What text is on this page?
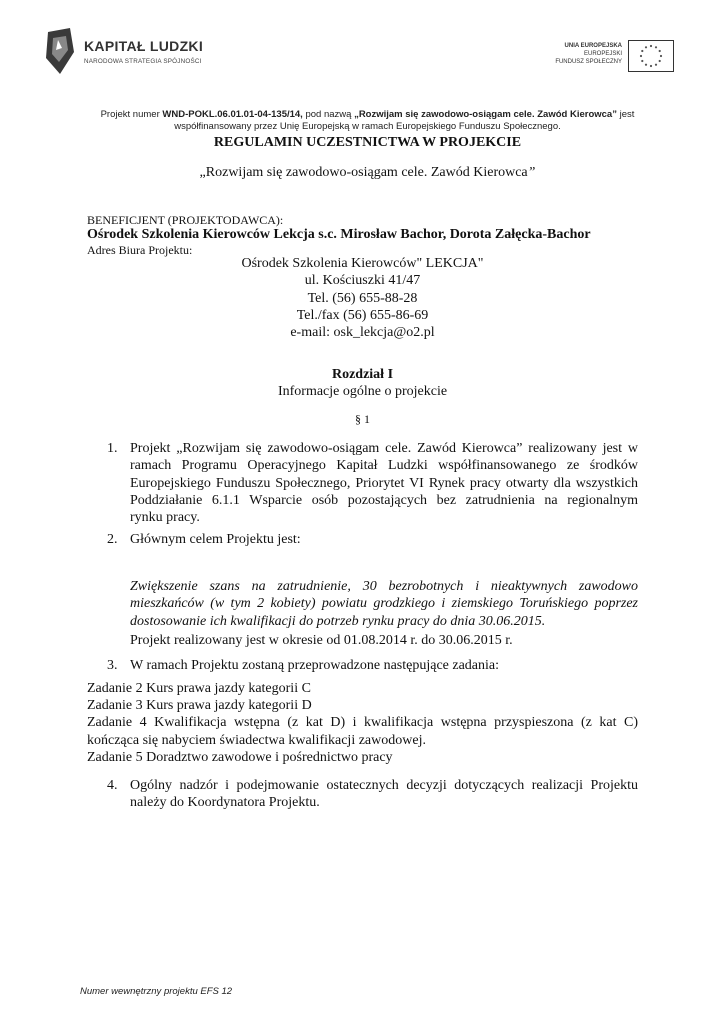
KAPITAŁ LUDZKI
NARODOWA STRATEGIA SPÓJNOŚCI
UNIA EUROPEJSKA
EUROPEJSKI
FUNDUSZ SPOŁECZNY
Projekt numer WND-POKL.06.01.01-04-135/14, pod nazwą „Rozwijam się zawodowo-osiągam cele. Zawód Kierowca” jest
współfinansowany przez Unię Europejską w ramach Europejskiego Funduszu Społecznego.
REGULAMIN UCZESTNICTWA W PROJEKCIE
„Rozwijam się zawodowo-osiągam cele. Zawód Kierowca”
BENEFICJENT (PROJEKTODAWCA):
Ośrodek Szkolenia Kierowców Lekcja s.c. Mirosław Bachor, Dorota Załęcka-Bachor
Adres Biura Projektu:
Ośrodek Szkolenia Kierowców" LEKCJA"
ul. Kościuszki 41/47
Tel. (56) 655-88-28
Tel./fax (56) 655-86-69
e-mail: osk_lekcja@o2.pl
Rozdział I
Informacje ogólne o projekcie
§ 1
1. Projekt „Rozwijam się zawodowo-osiągam cele. Zawód Kierowca” realizowany jest w
ramach Programu Operacyjnego Kapitał Ludzki współfinansowanego ze środków
Europejskiego Funduszu Społecznego, Priorytet VI Rynek pracy otwarty dla wszystkich
Poddziałanie 6.1.1 Wsparcie osób pozostających bez zatrudnienia na regionalnym
rynku pracy.
2. Głównym celem Projektu jest:
Zwiększenie szans na zatrudnienie, 30 bezrobotnych i nieaktywnych zawodowo
mieszkańców (w tym 2 kobiety) powiatu grodzkiego i ziemskiego Toruńskiego poprzez
dostosowanie ich kwalifikacji do potrzeb rynku pracy do dnia 30.06.2015.
Projekt realizowany jest w okresie od 01.08.2014 r. do 30.06.2015 r.
3. W ramach Projektu zostaną przeprowadzone następujące zadania:
Zadanie 2 Kurs prawa jazdy kategorii C
Zadanie 3 Kurs prawa jazdy kategorii D
Zadanie 4 Kwalifikacja wstępna (z kat D) i kwalifikacja wstępna przyspieszona (z kat C)
kończąca się nabyciem świadectwa kwalifikacji zawodowej.
Zadanie 5 Doradztwo zawodowe i pośrednictwo pracy
4. Ogólny nadzór i podejmowanie ostatecznych decyzji dotyczących realizacji Projektu
należy do Koordynatora Projektu.
Numer wewnętrzny projektu EFS 12
